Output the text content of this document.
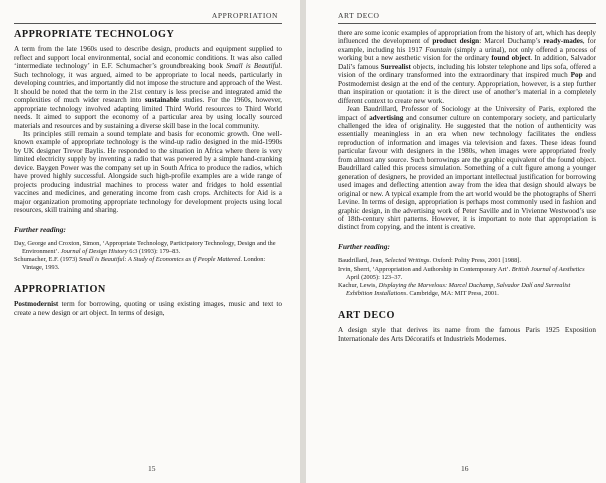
APPROPRIATION
APPROPRIATE TECHNOLOGY

A term from the late 1960s used to describe design, products and equipment supplied to reflect and support local environmental, social and economic conditions. It was also called ‘intermediate technology’ in E.F. Schumacher’s groundbreaking book Small is Beautiful. Such technology, it was argued, aimed to be appropriate to local needs, particularly in developing countries, and importantly did not impose the structure and approach of the West. It should be noted that the term in the 21st century is less precise and integrated amid the complexities of much wider research into sustainable studies. For the 1960s, however, appropriate technology involved adapting limited Third World resources to Third World needs. It aimed to support the economy of a particular area by using locally sourced materials and resources and by sustaining a diverse skill base in the local community.

Its principles still remain a sound template and basis for economic growth. One well-known example of appropriate technology is the wind-up radio designed in the mid-1990s by UK designer Trevor Baylis. He responded to the situation in Africa where there is very limited electricity supply by inventing a radio that was powered by a simple hand-cranking device. Baygen Power was the company set up in South Africa to produce the radios, which have proved highly successful. Alongside such high-profile examples are a wide range of projects producing industrial machines to process water and fridges to hold essential vaccines and medicines, and generating income from cash crops. Architects for Aid is a major organization promoting appropriate technology for development projects using local resources, skill training and sharing.

Further reading:

Day, George and Croxton, Simon, ‘Appropriate Technology, Participatory Technology, Design and the Environment’. Journal of Design History 6:3 (1993): 179–83.

Schumacher, E.F. (1973) Small is Beautiful: A Study of Economics as if People Mattered. London: Vintage, 1993.

APPROPRIATION

Postmodernist term for borrowing, quoting or using existing images, music and text to create a new design or art object. In terms of design,

15
ART DECO

there are some iconic examples of appropriation from the history of art, which has deeply influenced the development of product design: Marcel Duchamp’s ready-mades, for example, including his 1917 Fountain (simply a urinal), not only offered a process of working but a new aesthetic vision for the ordinary found object. In addition, Salvador Dalí’s famous Surrealist objects, including his lobster telephone and lips sofa, offered a vision of the ordinary transformed into the extraordinary that inspired much Pop and Postmodernist design at the end of the century. Appropriation, however, is a step further than inspiration or quotation: it is the direct use of another’s material in a completely different context to create new work.

Jean Baudrillard, Professor of Sociology at the University of Paris, explored the impact of advertising and consumer culture on contemporary society, and particularly challenged the idea of originality. He suggested that the notion of authenticity was essentially meaningless in an era when new technology facilitates the endless reproduction of information and images via television and faxes. These ideas found particular favour with designers in the 1980s, when images were appropriated freely from almost any source. Such borrowings are the graphic equivalent of the found object. Baudrillard called this process simulation. Something of a cult figure among a younger generation of designers, he provided an important intellectual justification for borrowing used images and deflecting attention away from the idea that design should always be original or new. A typical example from the art world would be the photographs of Sherri Levine. In terms of design, appropriation is perhaps most commonly used in fashion and graphic design, in the advertising work of Peter Saville and in Vivienne Westwood’s use of 18th-century shirt patterns. However, it is important to note that appropriation is distinct from copying, and the intent is creative.

Further reading:

Baudrillard, Jean, Selected Writings. Oxford: Polity Press, 2001 [1988].

Irvin, Sherri, ‘Appropriation and Authorship in Contemporary Art’. British Journal of Aesthetics April (2005): 123–37.

Kachur, Lewis, Displaying the Marvelous: Marcel Duchamp, Salvador Dalí and Surrealist Exhibition Installations. Cambridge, MA: MIT Press, 2001.

ART DECO

A design style that derives its name from the famous Paris 1925 Exposition Internationale des Arts Décoratifs et Industriels Modernes.

16
